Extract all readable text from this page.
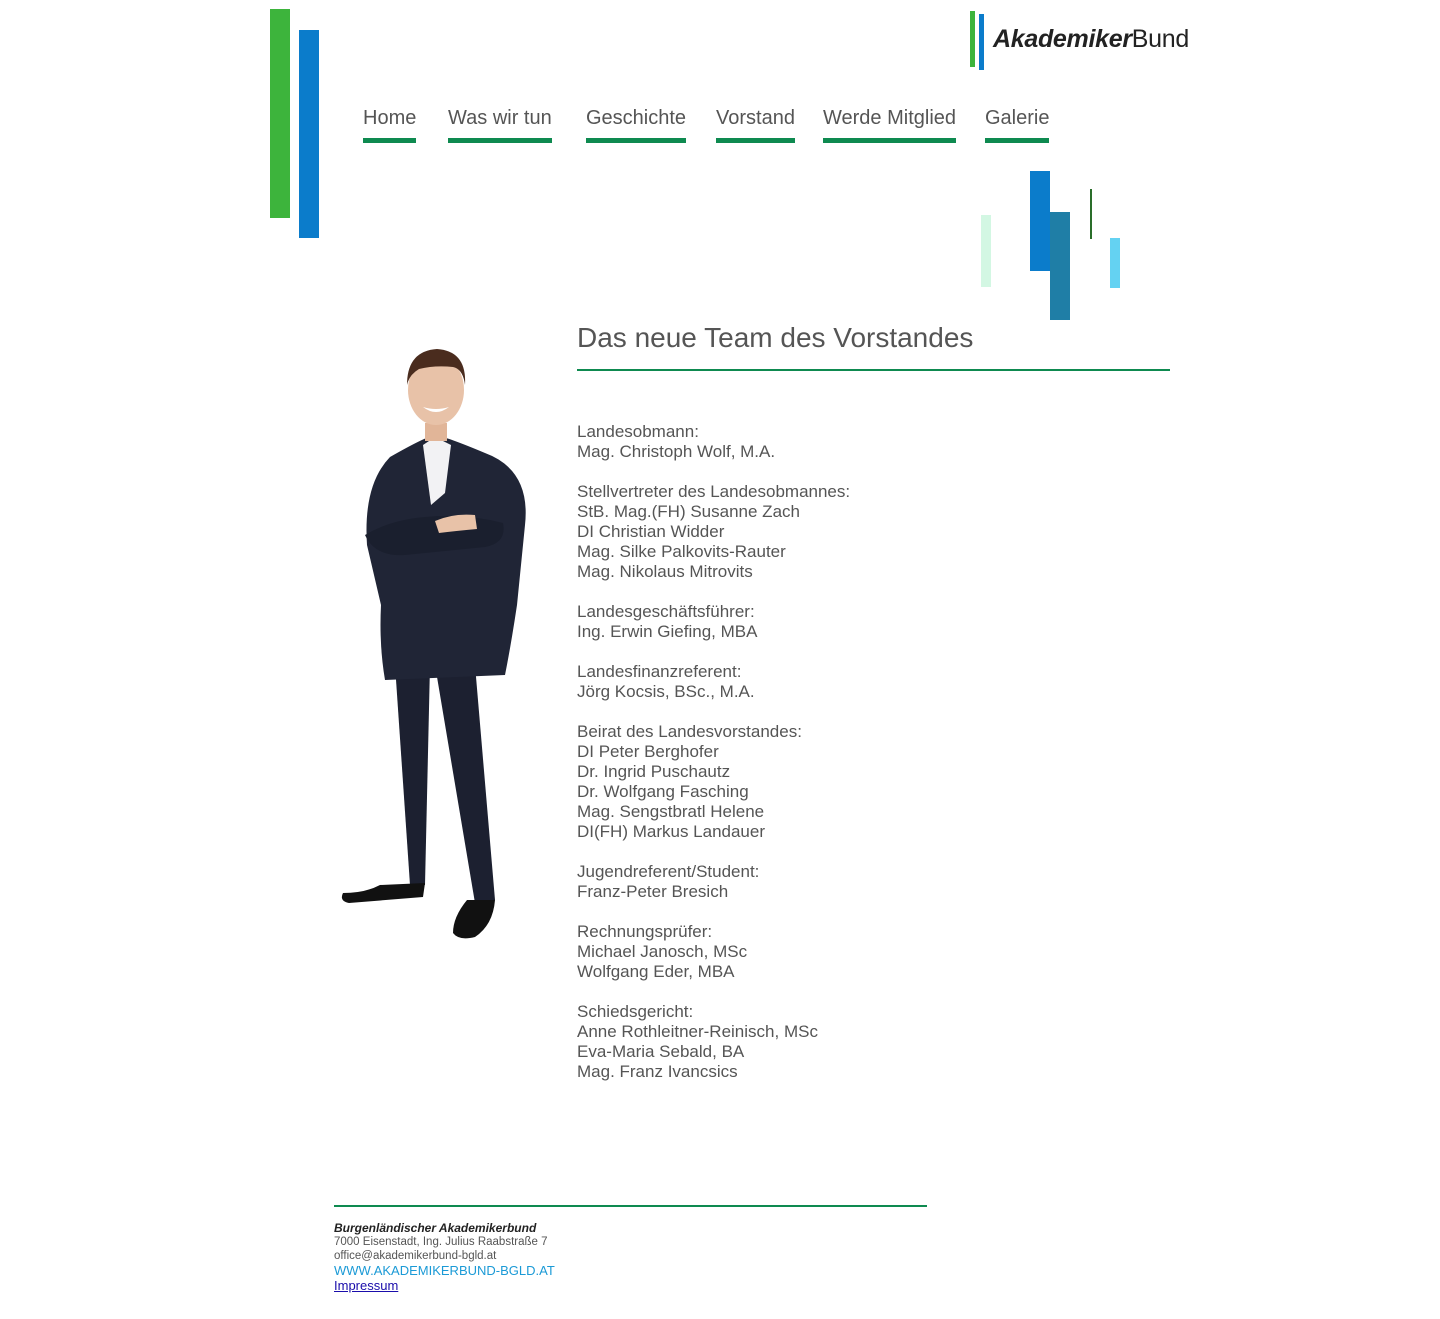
AkademikerBund
Home Was wir tun Geschichte Vorstand Werde Mitglied Galerie
Das neue Team des Vorstandes
Landesobmann:
Mag. Christoph Wolf, M.A.
Stellvertreter des Landesobmannes:
StB. Mag.(FH) Susanne Zach
DI Christian Widder
Mag. Silke Palkovits-Rauter
Mag. Nikolaus Mitrovits
Landesgeschäftsführer:
Ing. Erwin Giefing, MBA
Landesfinanzreferent:
Jörg Kocsis, BSc., M.A.
Beirat des Landesvorstandes:
DI Peter Berghofer
Dr. Ingrid Puschautz
Dr. Wolfgang Fasching
Mag. Sengstbratl Helene
DI(FH) Markus Landauer
Jugendreferent/Student:
Franz-Peter Bresich
Rechnungsprüfer:
Michael Janosch, MSc
Wolfgang Eder, MBA
Schiedsgericht:
Anne Rothleitner-Reinisch, MSc
Eva-Maria Sebald, BA
Mag. Franz Ivancsics
Burgenländischer Akademikerbund
7000 Eisenstadt, Ing. Julius Raabstraße 7
office@akademikerbund-bgld.at
WWW.AKADEMIKERBUND-BGLD.AT
Impressum
